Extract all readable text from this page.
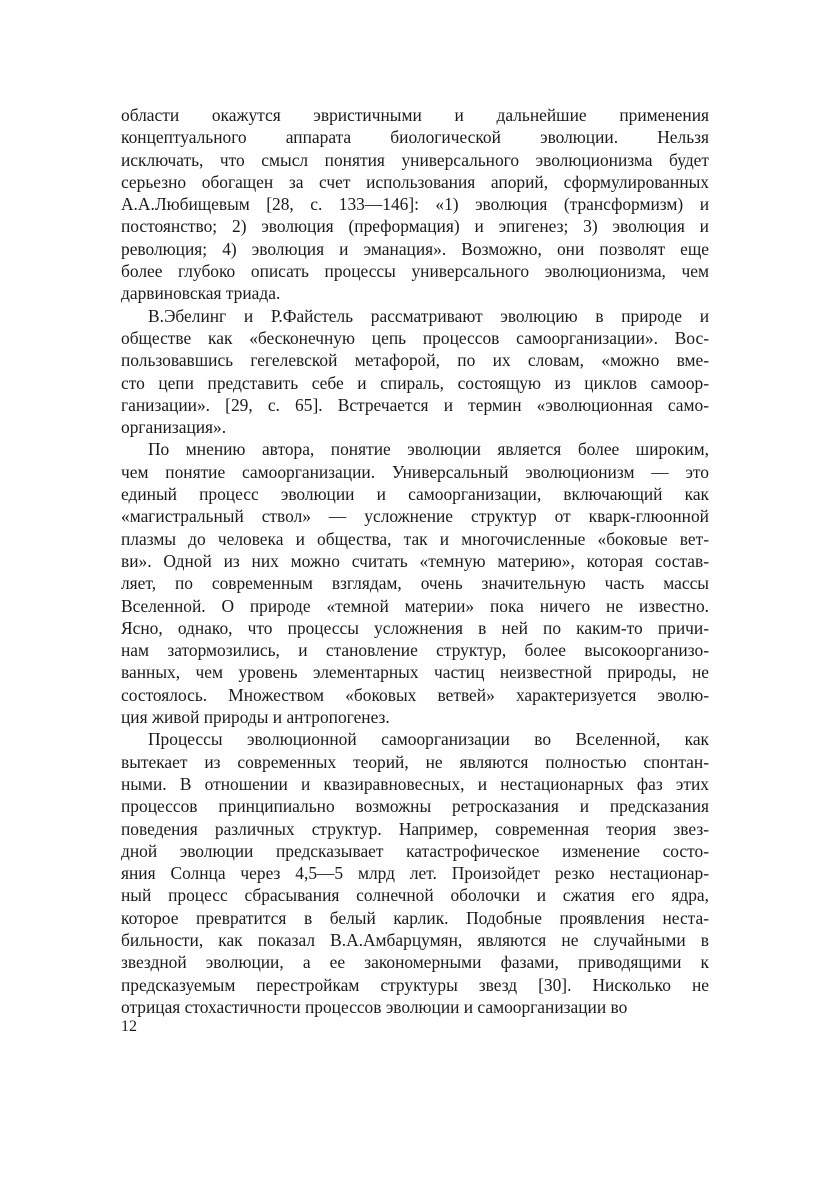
области окажутся эвристичными и дальнейшие применения
концептуального аппарата биологической эволюции. Нельзя
исключать, что смысл понятия универсального эволюционизма будет
серьезно обогащен за счет использования апорий, сформулированных
А.А.Любищевым [28, с. 133—146]: «1) эволюция (трансформизм) и
постоянство; 2) эволюция (преформация) и эпигенез; 3) эволюция и
революция; 4) эволюция и эманация». Возможно, они позволят еще
более глубоко описать процессы универсального эволюционизма, чем
дарвиновская триада.

В.Эбелинг и Р.Файстель рассматривают эволюцию в природе и
обществе как «бесконечную цепь процессов самоорганизации». Вос-
пользовавшись гегелевской метафорой, по их словам, «можно вме-
сто цепи представить себе и спираль, состоящую из циклов самоор-
ганизации». [29, с. 65]. Встречается и термин «эволюционная само-
организация».

По мнению автора, понятие эволюции является более широким,
чем понятие самоорганизации. Универсальный эволюционизм — это
единый процесс эволюции и самоорганизации, включающий как
«магистральный ствол» — усложнение структур от кварк-глюонной
плазмы до человека и общества, так и многочисленные «боковые вет-
ви». Одной из них можно считать «темную материю», которая состав-
ляет, по современным взглядам, очень значительную часть массы
Вселенной. О природе «темной материи» пока ничего не известно.
Ясно, однако, что процессы усложнения в ней по каким-то причи-
нам затормозились, и становление структур, более высокоорганизо-
ванных, чем уровень элементарных частиц неизвестной природы, не
состоялось. Множеством «боковых ветвей» характеризуется эволю-
ция живой природы и антропогенез.

Процессы эволюционной самоорганизации во Вселенной, как
вытекает из современных теорий, не являются полностью спонтан-
ными. В отношении и квазиравновесных, и нестационарных фаз этих
процессов принципиально возможны ретросказания и предсказания
поведения различных структур. Например, современная теория звез-
дной эволюции предсказывает катастрофическое изменение состо-
яния Солнца через 4,5—5 млрд лет. Произойдет резко нестационар-
ный процесс сбрасывания солнечной оболочки и сжатия его ядра,
которое превратится в белый карлик. Подобные проявления неста-
бильности, как показал В.А.Амбарцумян, являются не случайными в
звездной эволюции, а ее закономерными фазами, приводящими к
предсказуемым перестройкам структуры звезд [30]. Нисколько не
отрицая стохастичности процессов эволюции и самоорганизации во

12
